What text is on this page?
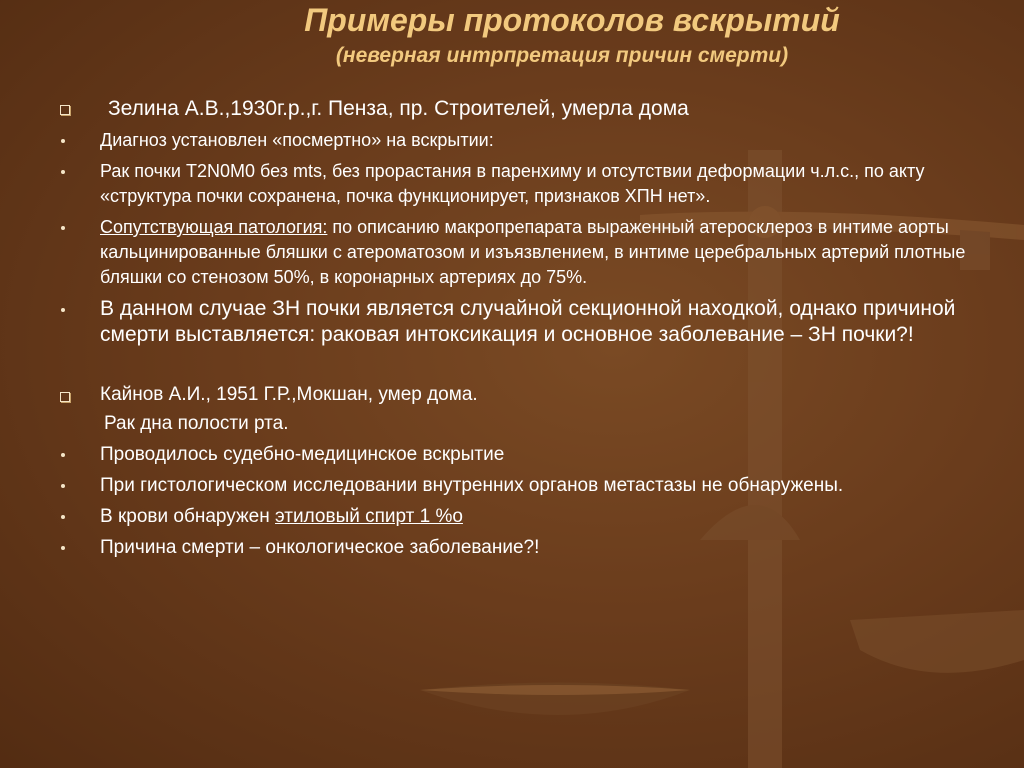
Примеры протоколов вскрытий
(неверная интрпретация причин смерти)
Зелина А.В.,1930г.р.,г. Пенза, пр. Строителей, умерла дома
Диагноз установлен «посмертно» на вскрытии:
Рак почки Т2N0M0 без mts, без прорастания в паренхиму и отсутствии деформации ч.л.с., по акту «структура почки сохранена, почка функционирует, признаков ХПН нет».
Сопутствующая патология: по описанию макропрепарата выраженный атеросклероз в интиме аорты кальцинированные бляшки с атероматозом и изъязвлением, в интиме церебральных артерий плотные бляшки со стенозом 50%, в коронарных артериях до 75%.
В данном случае ЗН почки является случайной секционной находкой, однако причиной смерти выставляется: раковая интоксикация и основное заболевание – ЗН почки?!
Кайнов А.И., 1951 Г.Р.,Мокшан, умер дома.
Рак дна полости рта.
Проводилось судебно-медицинское вскрытие
При гистологическом исследовании внутренних органов метастазы не обнаружены.
В крови обнаружен этиловый спирт 1 %о
Причина смерти – онкологическое заболевание?!
